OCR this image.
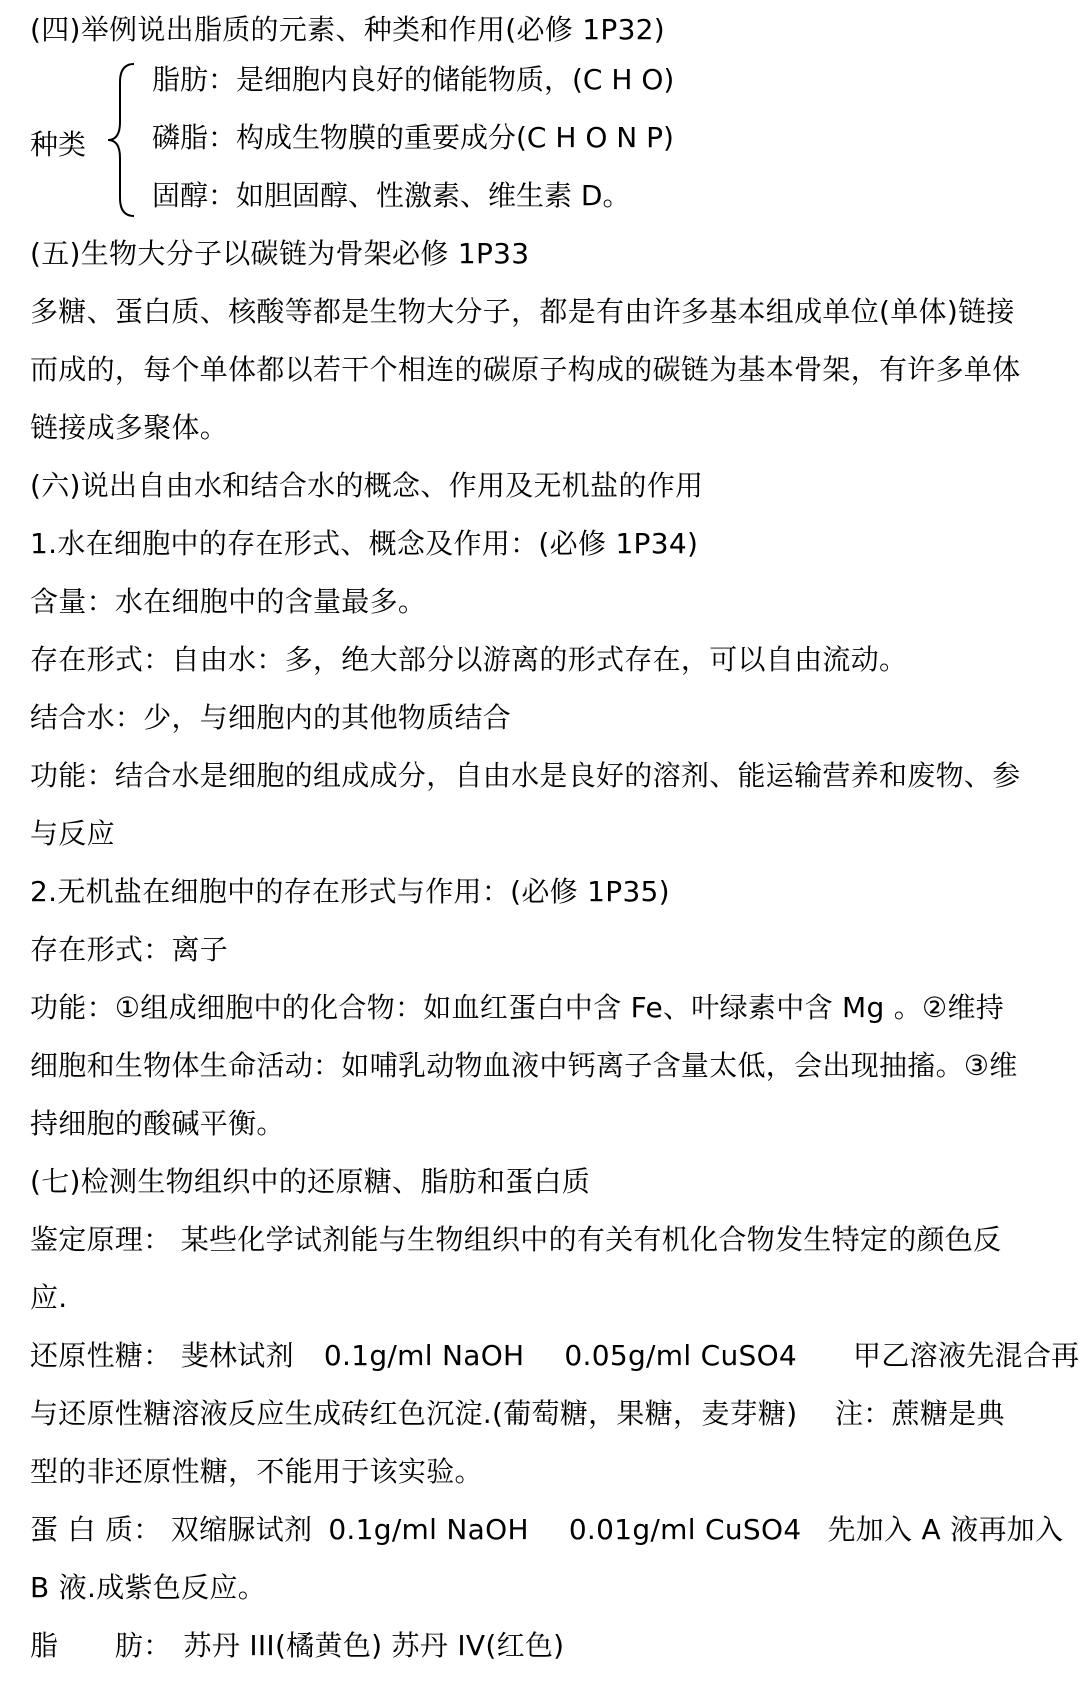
(四)举例说出脂质的元素、种类和作用(必修 1P32)
种类
脂肪：是细胞内良好的储能物质，(C H O)
磷脂：构成生物膜的重要成分(C H O N P)
固醇：如胆固醇、性激素、维生素 D。
(五)生物大分子以碳链为骨架必修 1P33
多糖、蛋白质、核酸等都是生物大分子，都是有由许多基本组成单位(单体)链接
而成的，每个单体都以若干个相连的碳原子构成的碳链为基本骨架，有许多单体
链接成多聚体。
(六)说出自由水和结合水的概念、作用及无机盐的作用
1.水在细胞中的存在形式、概念及作用：(必修 1P34)
含量：水在细胞中的含量最多。
存在形式：自由水：多，绝大部分以游离的形式存在，可以自由流动。
结合水：少，与细胞内的其他物质结合
功能：结合水是细胞的组成成分，自由水是良好的溶剂、能运输营养和废物、参
与反应
2.无机盐在细胞中的存在形式与作用：(必修 1P35)
存在形式：离子
功能：①组成细胞中的化合物：如血红蛋白中含 Fe、叶绿素中含 Mg 。②维持
细胞和生物体生命活动：如哺乳动物血液中钙离子含量太低，会出现抽搐。③维
持细胞的酸碱平衡。
(七)检测生物组织中的还原糖、脂肪和蛋白质
鉴定原理： 某些化学试剂能与生物组织中的有关有机化合物发生特定的颜色反
应.
还原性糖： 斐林试剂 0.1g/ml NaOH 0.05g/ml CuSO4 甲乙溶液先混合再
与还原性糖溶液反应生成砖红色沉淀.(葡萄糖，果糖，麦芽糖)　 注：蔗糖是典
型的非还原性糖，不能用于该实验。
蛋 白 质： 双缩脲试剂 0.1g/ml NaOH 0.01g/ml CuSO4 先加入 A 液再加入
B 液.成紫色反应。
脂　　肪： 苏丹 III(橘黄色) 苏丹 IV(红色)
